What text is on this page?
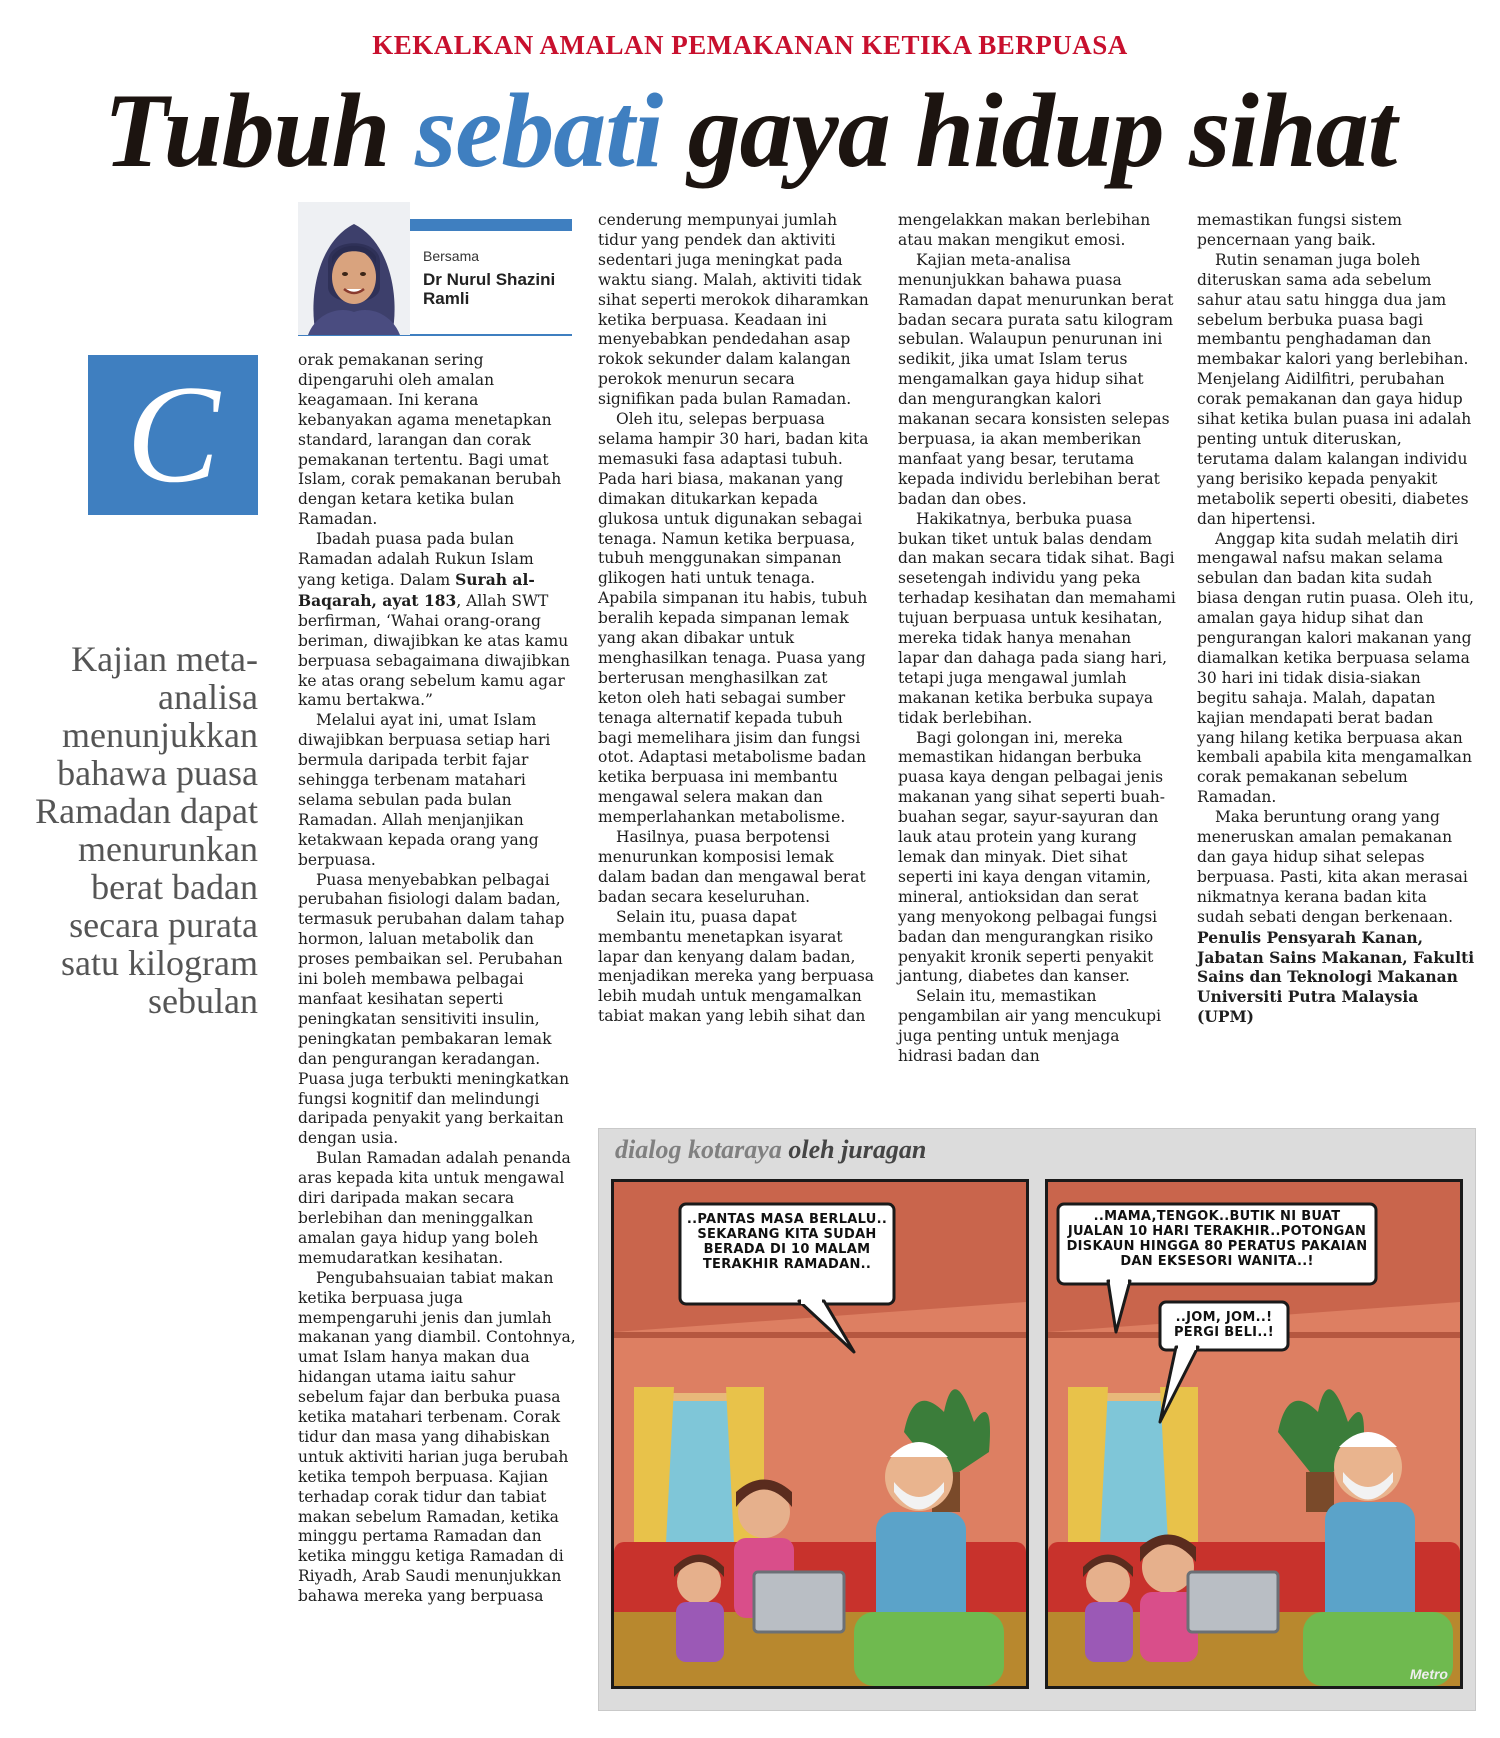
KEKALKAN AMALAN PEMAKANAN KETIKA BERPUASA
Tubuh sebati gaya hidup sihat
Bersama
Dr Nurul Shazini Ramli
C
Kajian meta-analisa menunjukkan bahawa puasa Ramadan dapat menurunkan berat badan secara purata satu kilogram sebulan

orak pemakanan sering dipengaruhi oleh amalan keagamaan. Ini kerana kebanyakan agama menetapkan standard, larangan dan corak pemakanan tertentu. Bagi umat Islam, corak pemakanan berubah dengan ketara ketika bulan Ramadan.

Ibadah puasa pada bulan Ramadan adalah Rukun Islam yang ketiga. Dalam Surah al-Baqarah, ayat 183, Allah SWT berfirman, ‘Wahai orang-orang beriman, diwajibkan ke atas kamu berpuasa sebagaimana diwajibkan ke atas orang sebelum kamu agar kamu bertakwa.”

Melalui ayat ini, umat Islam diwajibkan berpuasa setiap hari bermula daripada terbit fajar sehingga terbenam matahari selama sebulan pada bulan Ramadan. Allah menjanjikan ketakwaan kepada orang yang berpuasa.

Puasa menyebabkan pelbagai perubahan fisiologi dalam badan, termasuk perubahan dalam tahap hormon, laluan metabolik dan proses pembaikan sel. Perubahan ini boleh membawa pelbagai manfaat kesihatan seperti peningkatan sensitiviti insulin, peningkatan pembakaran lemak dan pengurangan keradangan. Puasa juga terbukti meningkatkan fungsi kognitif dan melindungi daripada penyakit yang berkaitan dengan usia.

Bulan Ramadan adalah penanda aras kepada kita untuk mengawal diri daripada makan secara berlebihan dan meninggalkan amalan gaya hidup yang boleh memudaratkan kesihatan.

Pengubahsuaian tabiat makan ketika berpuasa juga mempengaruhi jenis dan jumlah makanan yang diambil. Contohnya, umat Islam hanya makan dua hidangan utama iaitu sahur sebelum fajar dan berbuka puasa ketika matahari terbenam. Corak tidur dan masa yang dihabiskan untuk aktiviti harian juga berubah ketika tempoh berpuasa. Kajian terhadap corak tidur dan tabiat makan sebelum Ramadan, ketika minggu pertama Ramadan dan ketika minggu ketiga Ramadan di Riyadh, Arab Saudi menunjukkan bahawa mereka yang berpuasa

cenderung mempunyai jumlah tidur yang pendek dan aktiviti sedentari juga meningkat pada waktu siang. Malah, aktiviti tidak sihat seperti merokok diharamkan ketika berpuasa. Keadaan ini menyebabkan pendedahan asap rokok sekunder dalam kalangan perokok menurun secara signifikan pada bulan Ramadan.

Oleh itu, selepas berpuasa selama hampir 30 hari, badan kita memasuki fasa adaptasi tubuh. Pada hari biasa, makanan yang dimakan ditukarkan kepada glukosa untuk digunakan sebagai tenaga. Namun ketika berpuasa, tubuh menggunakan simpanan glikogen hati untuk tenaga. Apabila simpanan itu habis, tubuh beralih kepada simpanan lemak yang akan dibakar untuk menghasilkan tenaga. Puasa yang berterusan menghasilkan zat keton oleh hati sebagai sumber tenaga alternatif kepada tubuh bagi memelihara jisim dan fungsi otot. Adaptasi metabolisme badan ketika berpuasa ini membantu mengawal selera makan dan memperlahankan metabolisme.

Hasilnya, puasa berpotensi menurunkan komposisi lemak dalam badan dan mengawal berat badan secara keseluruhan.

Selain itu, puasa dapat membantu menetapkan isyarat lapar dan kenyang dalam badan, menjadikan mereka yang berpuasa lebih mudah untuk mengamalkan tabiat makan yang lebih sihat dan

mengelakkan makan berlebihan atau makan mengikut emosi.

Kajian meta-analisa menunjukkan bahawa puasa Ramadan dapat menurunkan berat badan secara purata satu kilogram sebulan. Walaupun penurunan ini sedikit, jika umat Islam terus mengamalkan gaya hidup sihat dan mengurangkan kalori makanan secara konsisten selepas berpuasa, ia akan memberikan manfaat yang besar, terutama kepada individu berlebihan berat badan dan obes.

Hakikatnya, berbuka puasa bukan tiket untuk balas dendam dan makan secara tidak sihat. Bagi sesetengah individu yang peka terhadap kesihatan dan memahami tujuan berpuasa untuk kesihatan, mereka tidak hanya menahan lapar dan dahaga pada siang hari, tetapi juga mengawal jumlah makanan ketika berbuka supaya tidak berlebihan.

Bagi golongan ini, mereka memastikan hidangan berbuka puasa kaya dengan pelbagai jenis makanan yang sihat seperti buah-buahan segar, sayur-sayuran dan lauk atau protein yang kurang lemak dan minyak. Diet sihat seperti ini kaya dengan vitamin, mineral, antioksidan dan serat yang menyokong pelbagai fungsi badan dan mengurangkan risiko penyakit kronik seperti penyakit jantung, diabetes dan kanser.

Selain itu, memastikan pengambilan air yang mencukupi juga penting untuk menjaga hidrasi badan dan

memastikan fungsi sistem pencernaan yang baik.

Rutin senaman juga boleh diteruskan sama ada sebelum sahur atau satu hingga dua jam sebelum berbuka puasa bagi membantu penghadaman dan membakar kalori yang berlebihan. Menjelang Aidilfitri, perubahan corak pemakanan dan gaya hidup sihat ketika bulan puasa ini adalah penting untuk diteruskan, terutama dalam kalangan individu yang berisiko kepada penyakit metabolik seperti obesiti, diabetes dan hipertensi.

Anggap kita sudah melatih diri mengawal nafsu makan selama sebulan dan badan kita sudah biasa dengan rutin puasa. Oleh itu, amalan gaya hidup sihat dan pengurangan kalori makanan yang diamalkan ketika berpuasa selama 30 hari ini tidak disia-siakan begitu sahaja. Malah, dapatan kajian mendapati berat badan yang hilang ketika berpuasa akan kembali apabila kita mengamalkan corak pemakanan sebelum Ramadan.

Maka beruntung orang yang meneruskan amalan pemakanan dan gaya hidup sihat selepas berpuasa. Pasti, kita akan merasai nikmatnya kerana badan kita sudah sebati dengan berkenaan.

Penulis Pensyarah Kanan, Jabatan Sains Makanan, Fakulti Sains dan Teknologi Makanan Universiti Putra Malaysia (UPM)

dialog kotaraya oleh juragan
..PANTAS MASA BERLALU.. SEKARANG KITA SUDAH BERADA DI 10 MALAM TERAKHIR RAMADAN..
..MAMA,TENGOK..BUTIK NI BUAT JUALAN 10 HARI TERAKHIR..POTONGAN DISKAUN HINGGA 80 PERATUS PAKAIAN DAN EKSESORI WANITA..!
..JOM, JOM..! PERGI BELI..!
Metro
